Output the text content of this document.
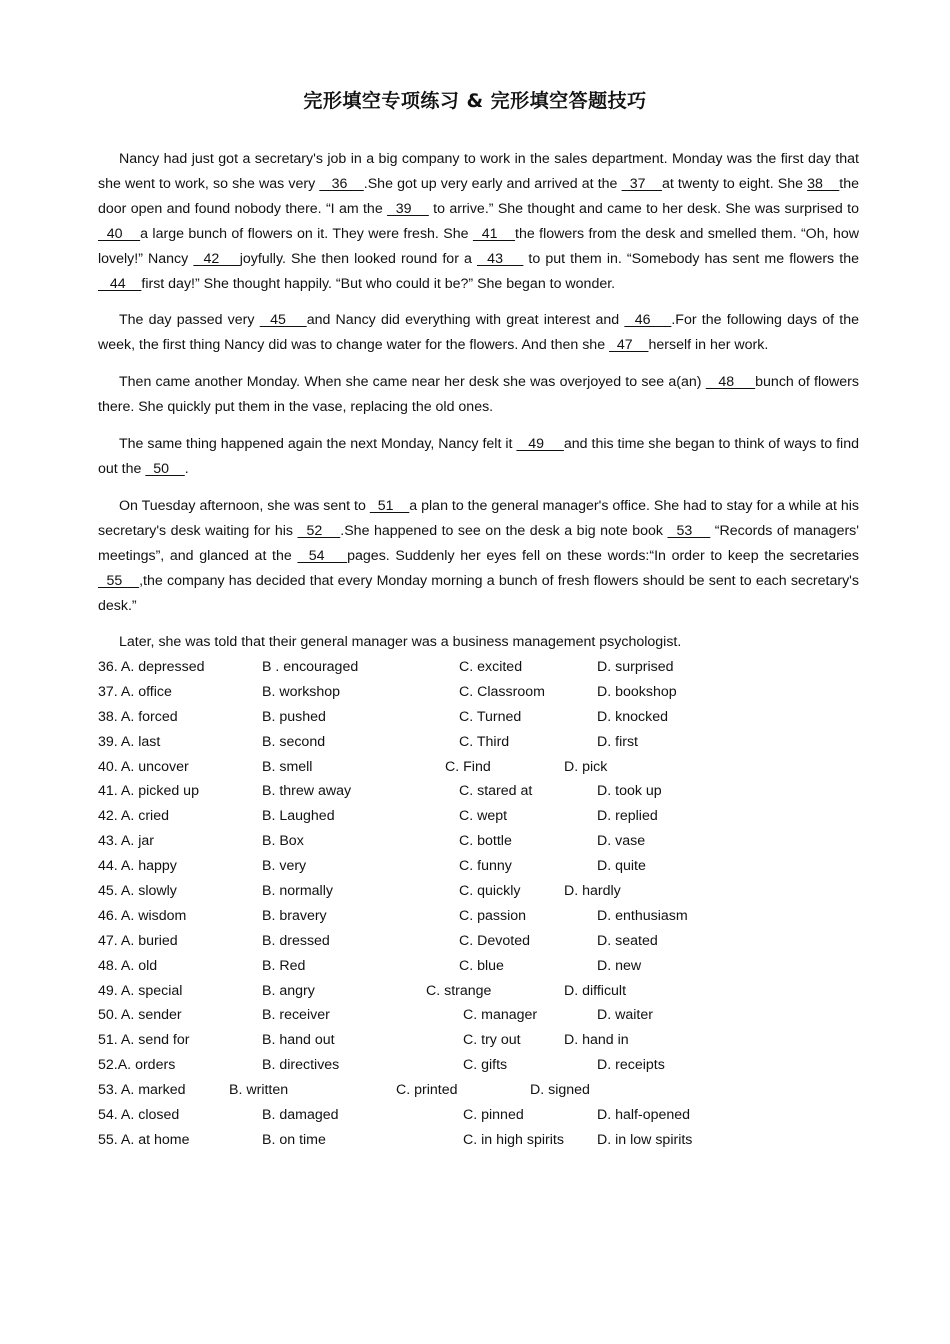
完形填空专项练习 & 完形填空答题技巧

Nancy had just got a secretary's job in a big company to work in the sales department. Monday was the first day that she went to work, so she was very    36    .She got up very early and arrived at the   37    at twenty to eight. She 38    the door open and found nobody there. “I am the   39     to arrive.” She thought and came to her desk. She was surprised to   40    a large bunch of flowers on it. They were fresh. She   41    the flowers from the desk and smelled them. “Oh, how lovely!” Nancy   42    joyfully. She then looked round for a   43     to put them in. “Somebody has sent me flowers the   44    first day!” She thought happily. “But who could it be?” She began to wonder.

The day passed very   45    and Nancy did everything with great interest and   46    .For the following days of the week, the first thing Nancy did was to change water for the flowers. And then she   47    herself in her work.

Then came another Monday. When she came near her desk she was overjoyed to see a(an)    48     bunch of flowers there. She quickly put them in the vase, replacing the old ones.

The same thing happened again the next Monday, Nancy felt it    49     and this time she began to think of ways to find out the   50    .

On Tuesday afternoon, she was sent to   51    a plan to the general manager's office. She had to stay for a while at his secretary's desk waiting for his   52    .She happened to see on the desk a big note book   53     “Records of managers' meetings”, and glanced at the   54    pages. Suddenly her eyes fell on these words:“In order to keep the secretaries   55    ,the company has decided that every Monday morning a bunch of fresh flowers should be sent to each secretary's desk.”

Later, she was told that their general manager was a business management psychologist.

36. A. depressed	B . encouraged	C. excited	D. surprised
37. A. office	B. workshop	C. Classroom	D. bookshop
38. A. forced	B. pushed	C. Turned	D. knocked
39. A. last	B. second	C. Third	D. first
40. A. uncover	B. smell	C. Find	D. pick
41. A. picked up	B. threw away	C. stared at	D. took up
42. A. cried	B. Laughed	C. wept	D. replied
43. A. jar	B. Box	C. bottle	D. vase
44. A. happy	B. very	C. funny	D. quite
45. A. slowly	B. normally	C. quickly	D. hardly
46. A. wisdom	B. bravery	C. passion	D. enthusiasm
47. A. buried	B. dressed	C. Devoted	D. seated
48. A. old	B. Red	C. blue	D. new
49. A. special	B. angry	C. strange	D. difficult
50. A. sender	B. receiver	C. manager	D. waiter
51. A. send for	B. hand out	C. try out	D. hand in
52.A. orders	B. directives	C. gifts	D. receipts
53. A. marked	B. written	C. printed	D. signed
54. A. closed	B. damaged	C. pinned	D. half-opened
55. A. at home	B. on time	C. in high spirits D. in low spirits
